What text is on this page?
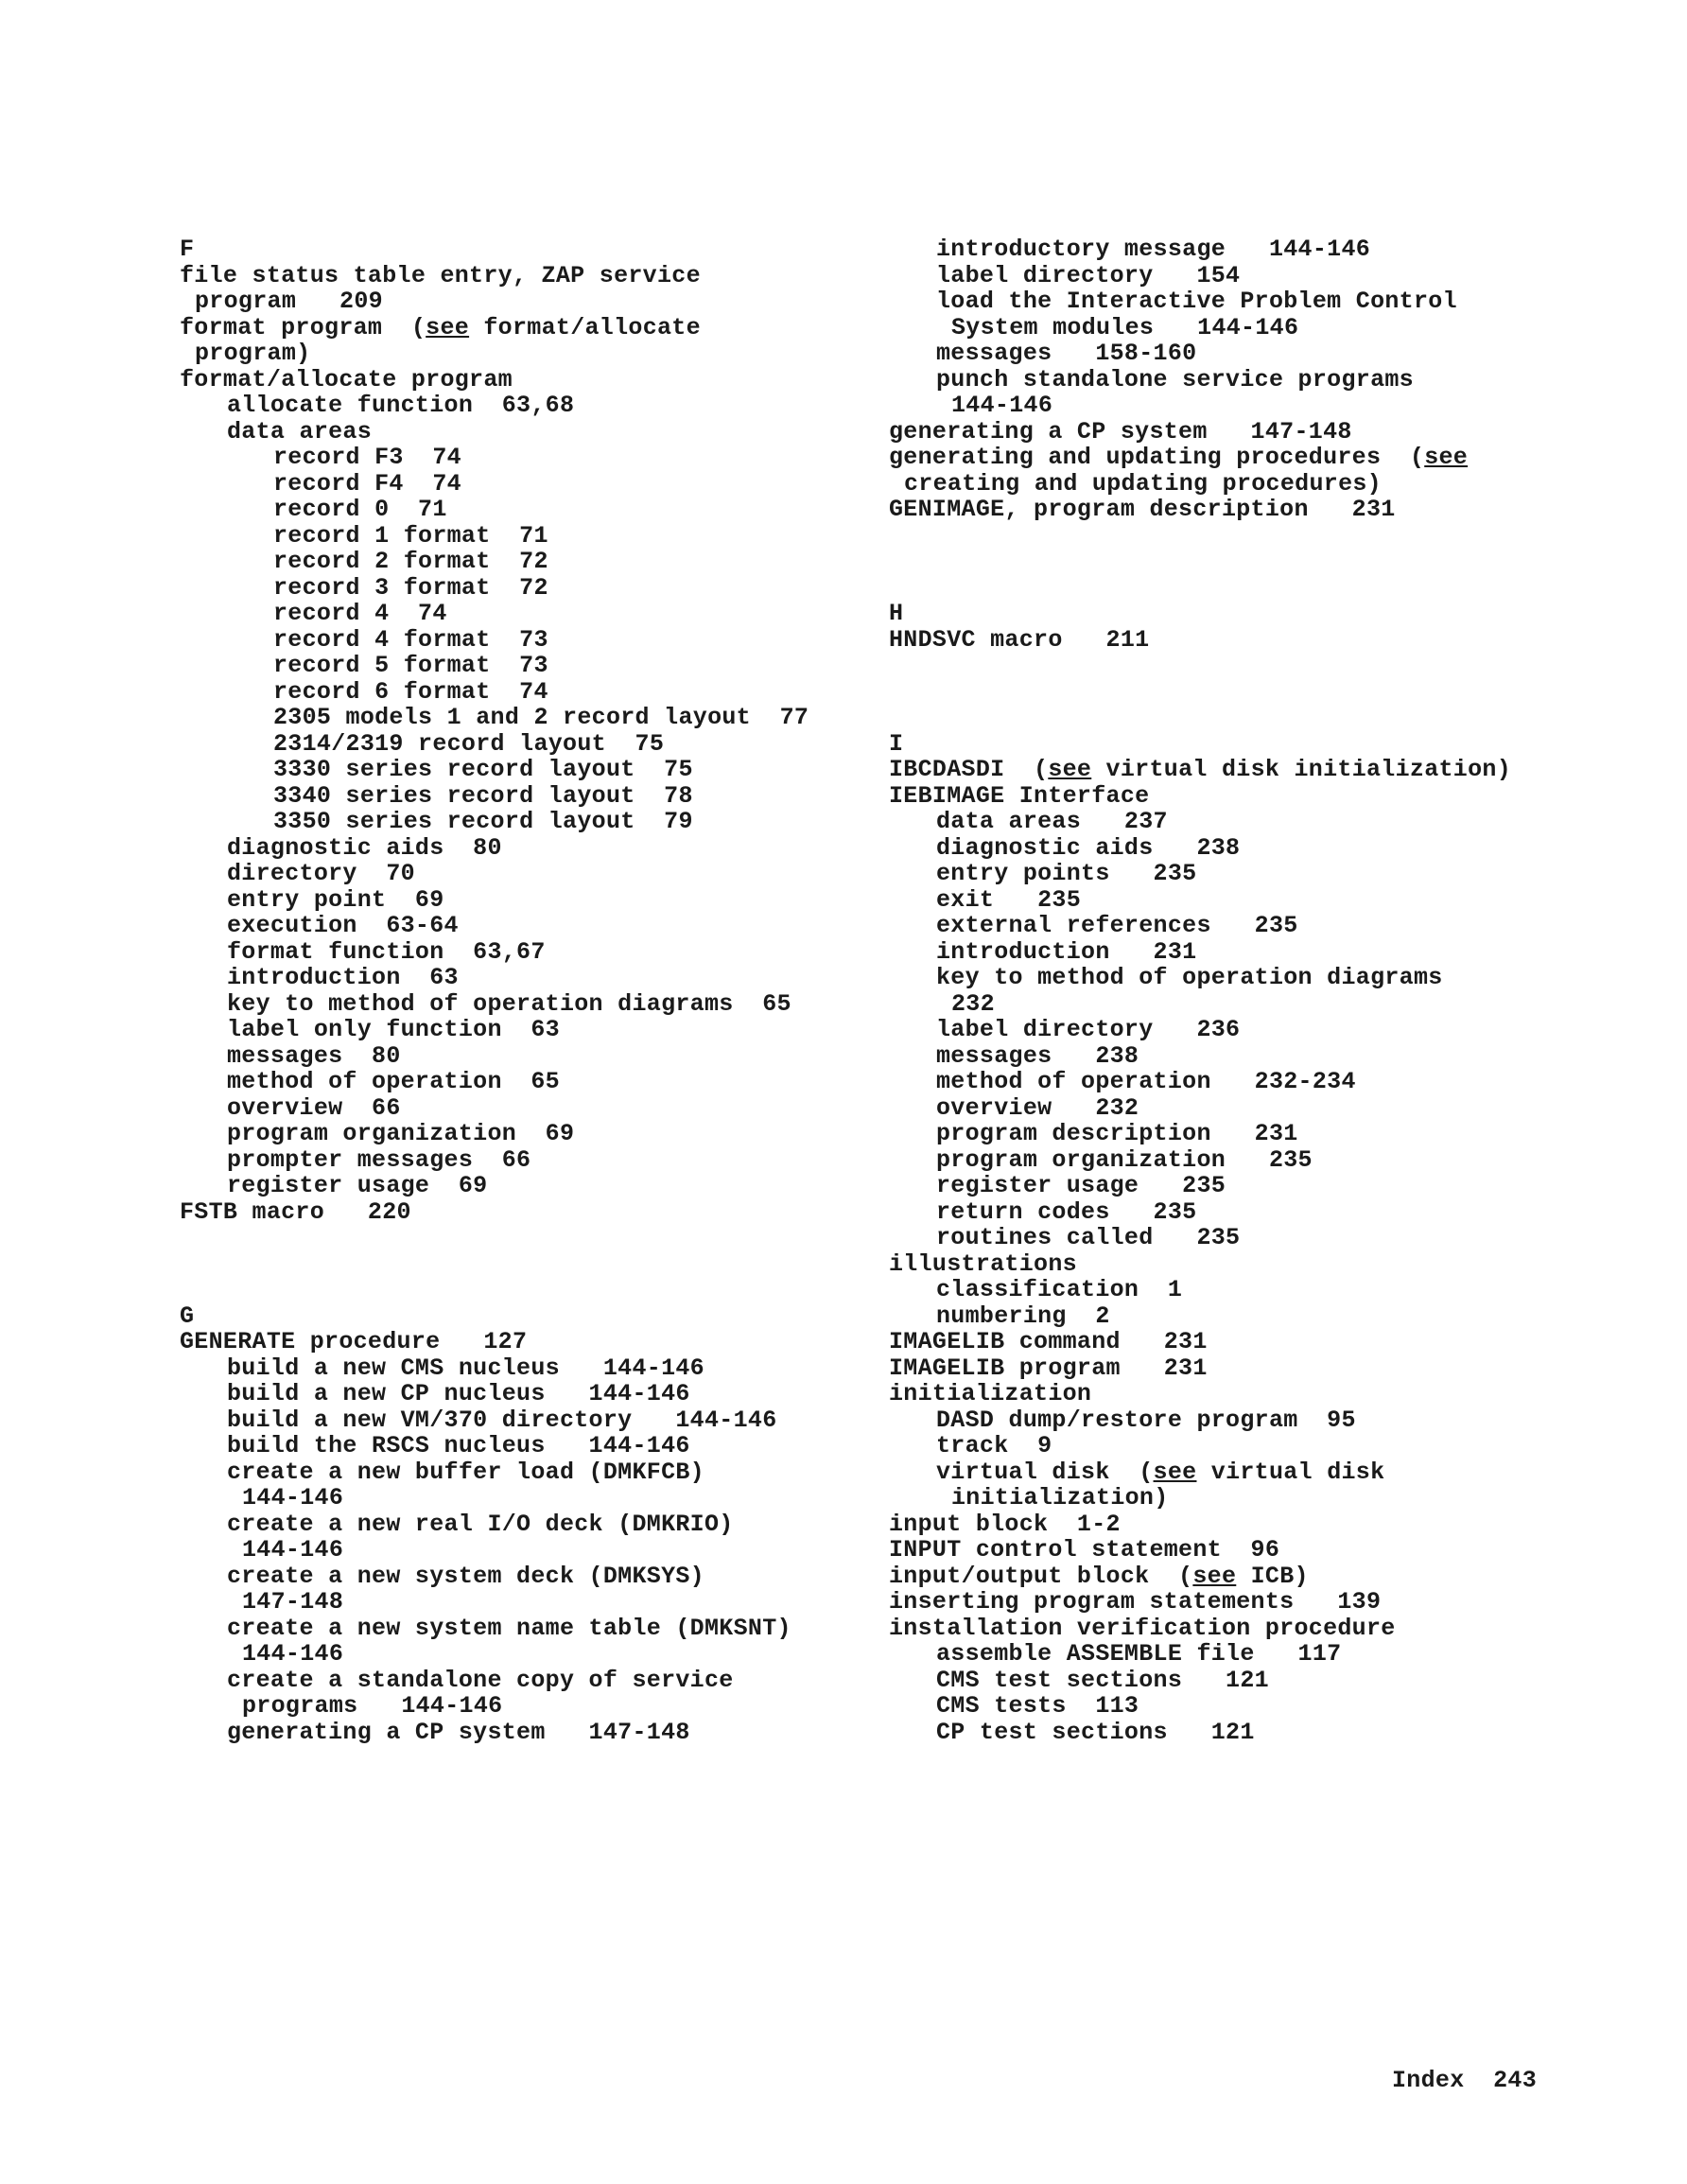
F
file status table entry, ZAP service
program   209
format program  (see format/allocate
program)
format/allocate program
allocate function  63,68
data areas
record F3  74
record F4  74
record 0  71
record 1 format  71
record 2 format  72
record 3 format  72
record 4  74
record 4 format  73
record 5 format  73
record 6 format  74
2305 models 1 and 2 record layout  77
2314/2319 record layout  75
3330 series record layout  75
3340 series record layout  78
3350 series record layout  79
diagnostic aids  80
directory  70
entry point  69
execution  63-64
format function  63,67
introduction  63
key to method of operation diagrams  65
label only function  63
messages  80
method of operation  65
overview  66
program organization  69
prompter messages  66
register usage  69
FSTB macro   220
G
GENERATE procedure   127
build a new CMS nucleus   144-146
build a new CP nucleus   144-146
build a new VM/370 directory   144-146
build the RSCS nucleus   144-146
create a new buffer load (DMKFCB)
144-146
create a new real I/O deck (DMKRIO)
144-146
create a new system deck (DMKSYS)
147-148
create a new system name table (DMKSNT)
144-146
create a standalone copy of service
programs   144-146
generating a CP system   147-148
introductory message   144-146
label directory   154
load the Interactive Problem Control
System modules   144-146
messages   158-160
punch standalone service programs
144-146
generating a CP system   147-148
generating and updating procedures  (see
creating and updating procedures)
GENIMAGE, program description   231
H
HNDSVC macro   211
I
IBCDASDI  (see virtual disk initialization)
IEBIMAGE Interface
data areas   237
diagnostic aids   238
entry points   235
exit   235
external references   235
introduction   231
key to method of operation diagrams
232
label directory   236
messages   238
method of operation   232-234
overview   232
program description   231
program organization   235
register usage   235
return codes   235
routines called   235
illustrations
classification  1
numbering  2
IMAGELIB command   231
IMAGELIB program   231
initialization
DASD dump/restore program  95
track  9
virtual disk  (see virtual disk
initialization)
input block  1-2
INPUT control statement  96
input/output block  (see ICB)
inserting program statements   139
installation verification procedure
assemble ASSEMBLE file   117
CMS test sections   121
CMS tests  113
CP test sections   121
Index 243
